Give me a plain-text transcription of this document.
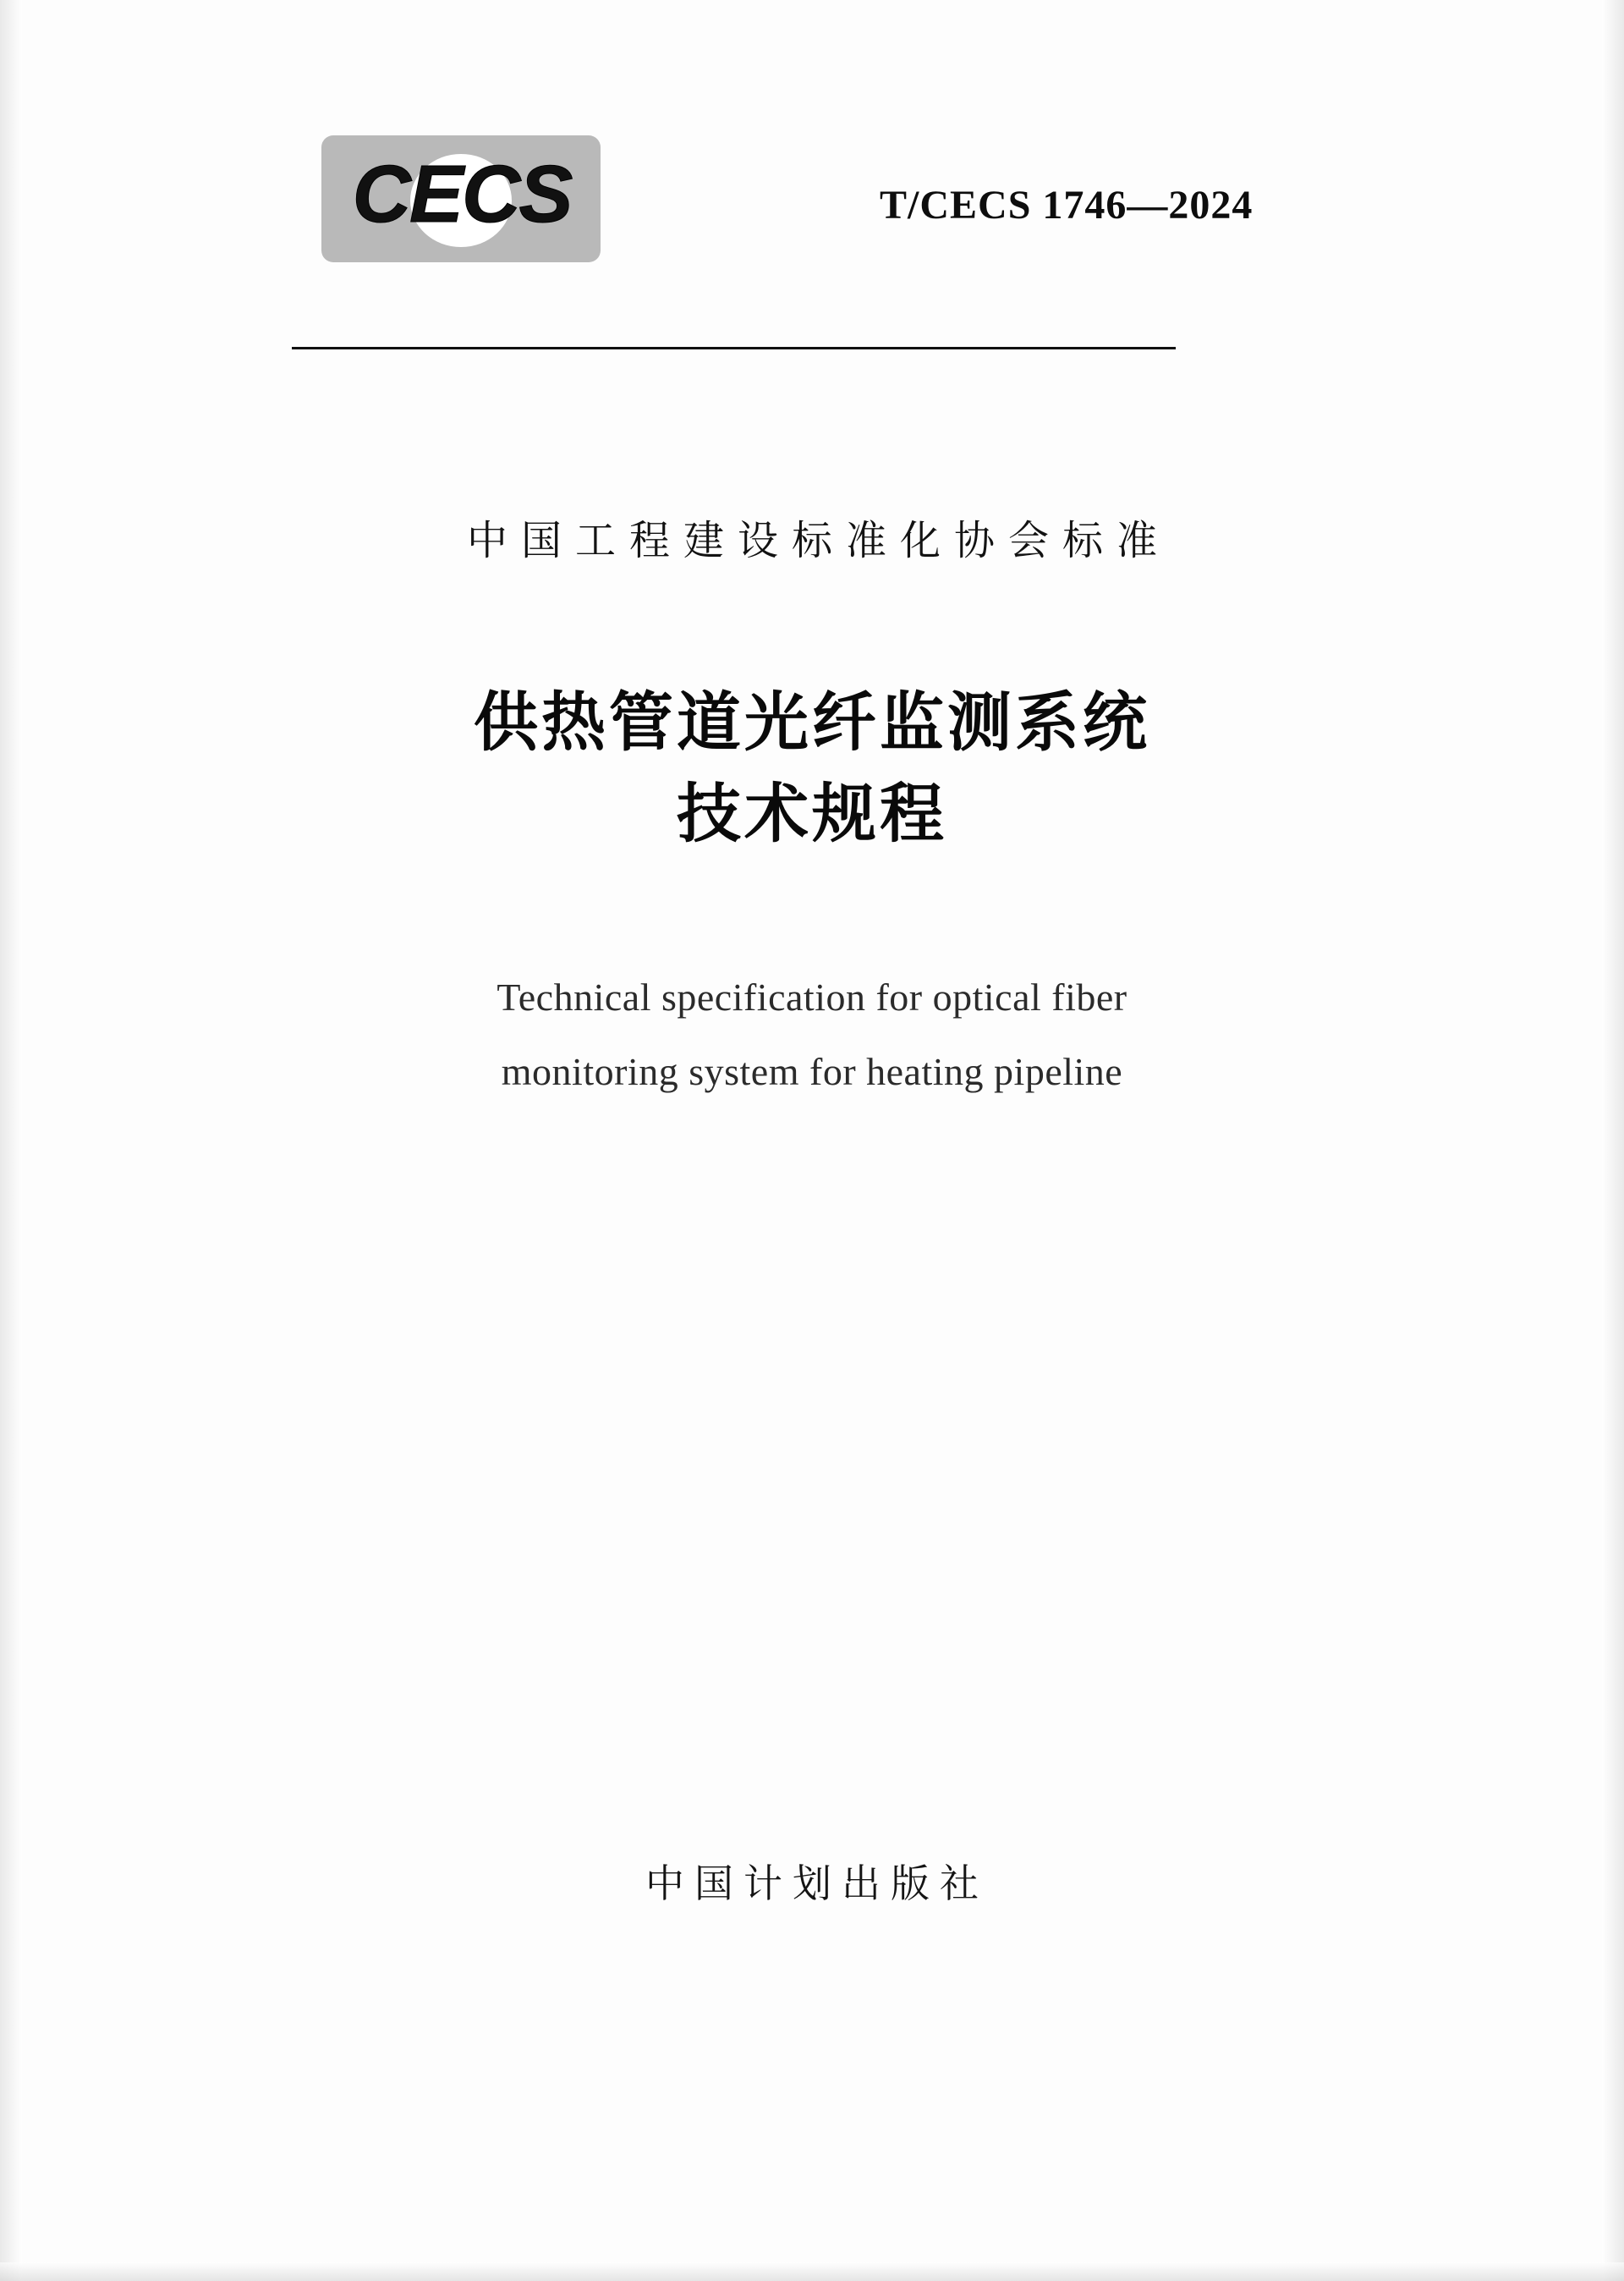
CECS	T/CECS 1746—2024
中国工程建设标准化协会标准
供热管道光纤监测系统
技术规程
Technical specification for optical fiber
monitoring system for heating pipeline
中国计划出版社
